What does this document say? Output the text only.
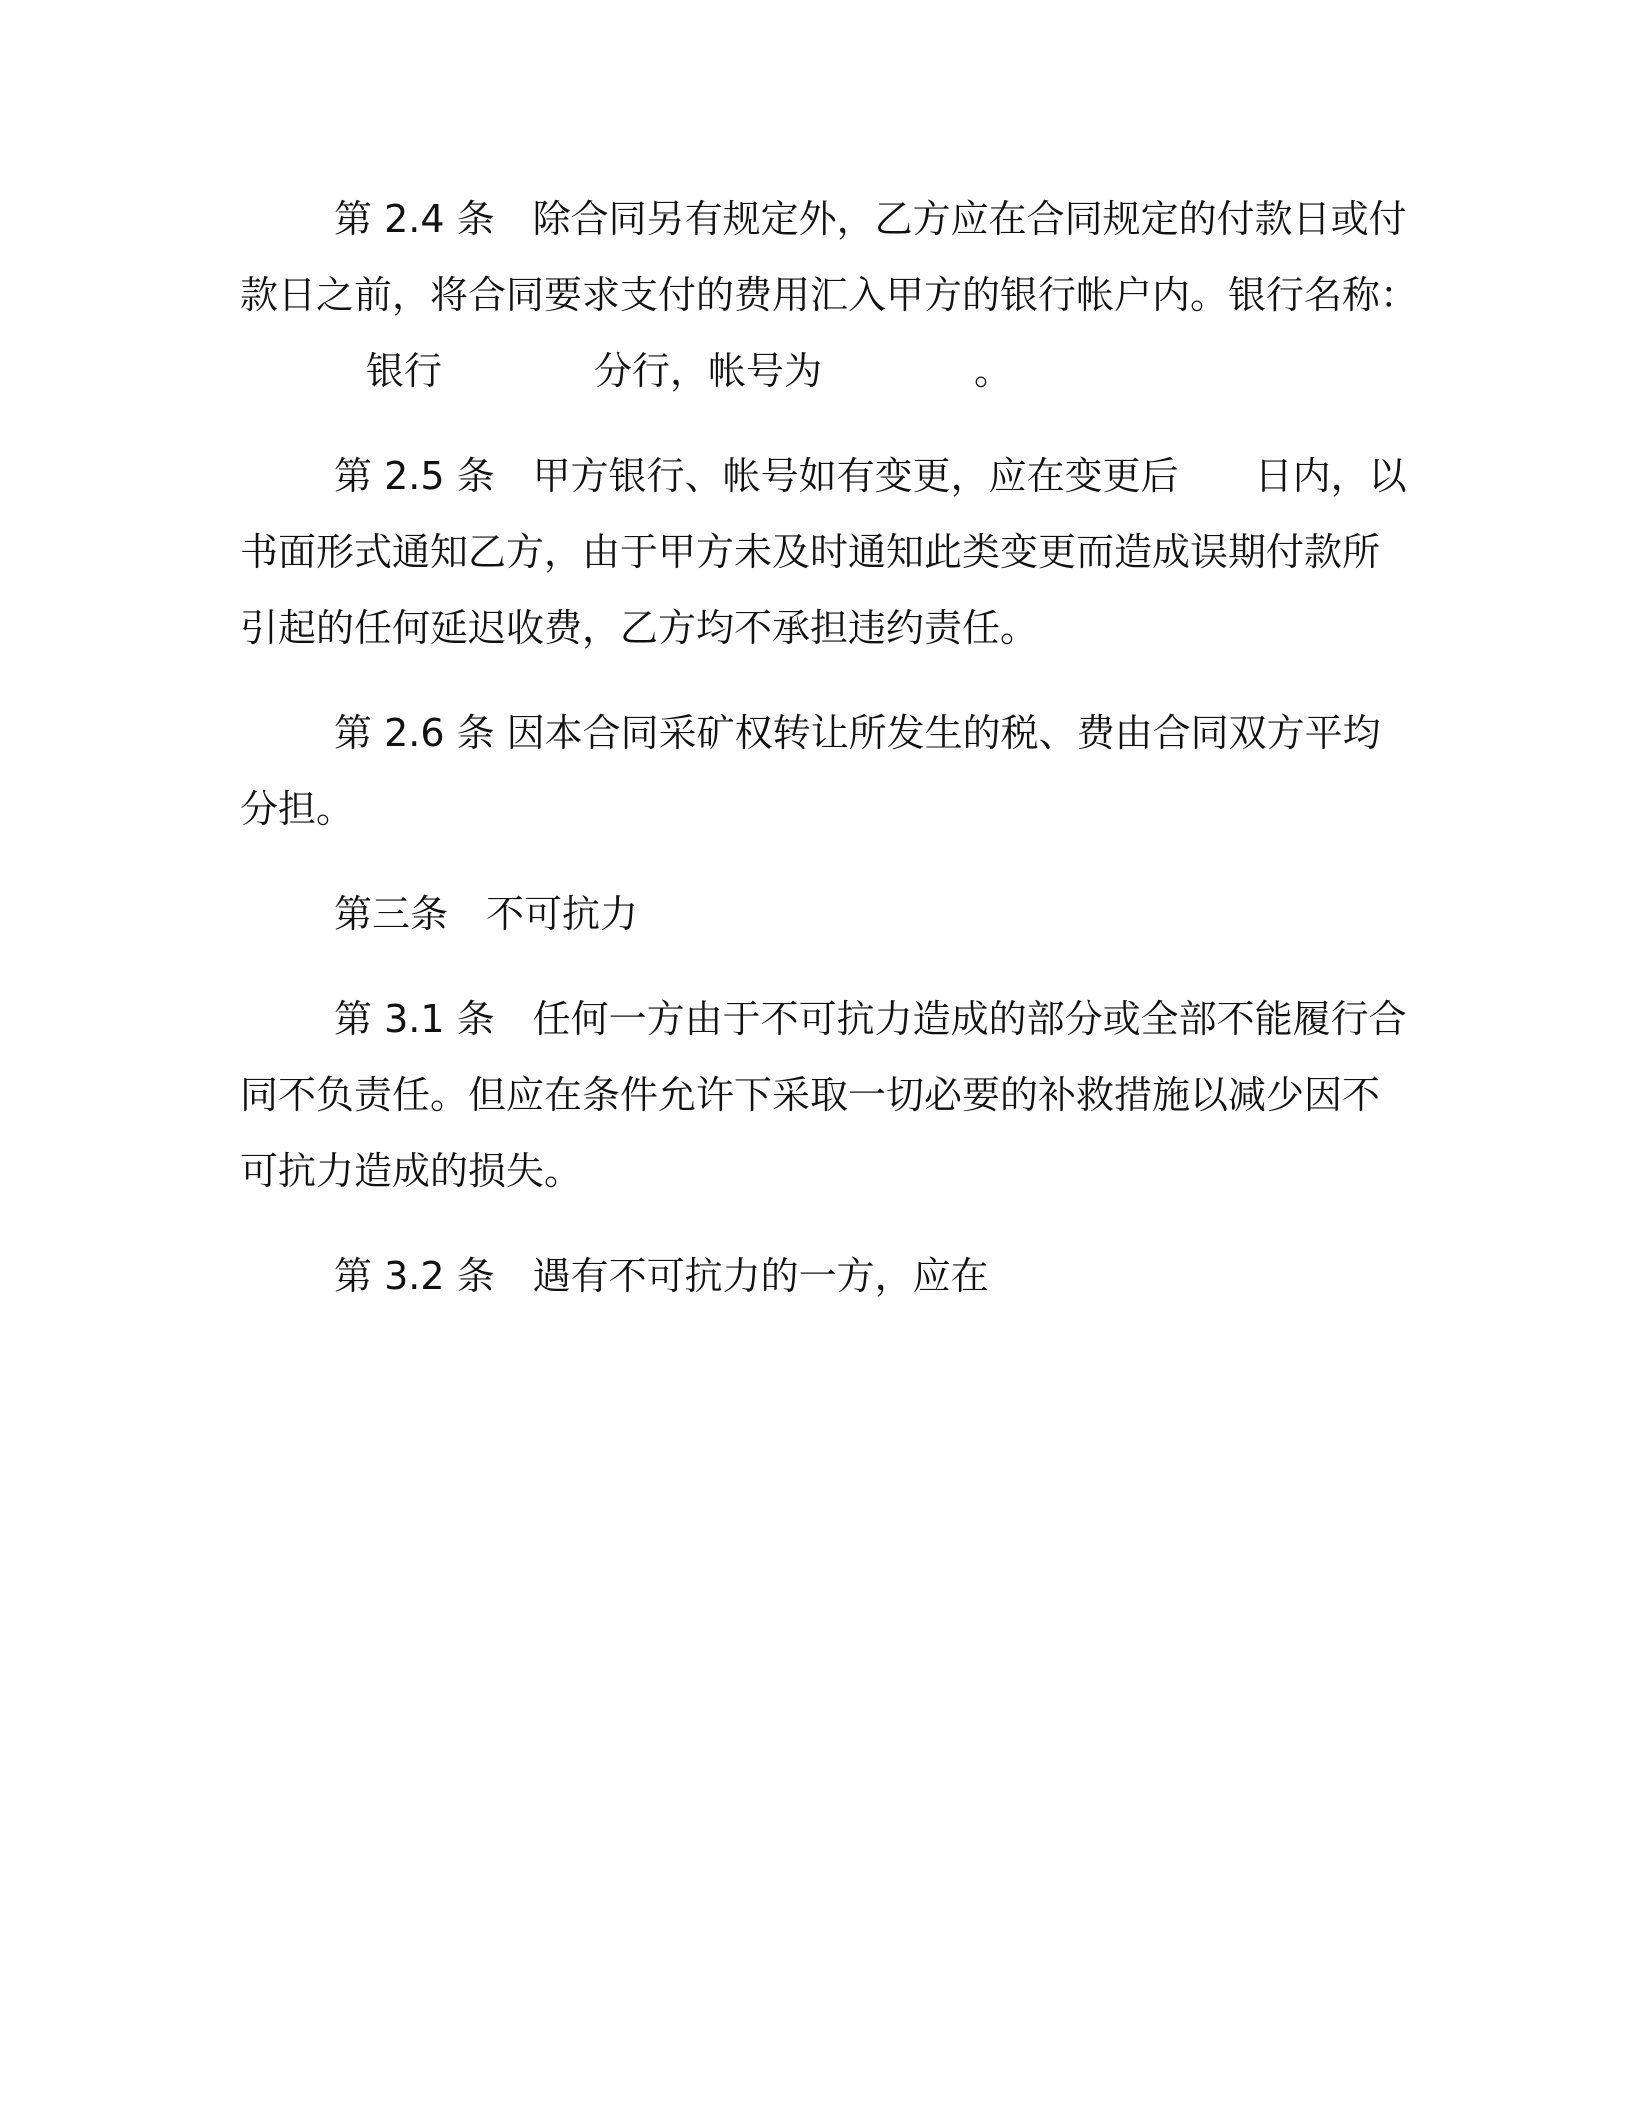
第 2.4 条　除合同另有规定外，乙方应在合同规定的付款日或付
款日之前，将合同要求支付的费用汇入甲方的银行帐户内。银行名称：
银行　　　　分行，帐号为　　　　。
第 2.5 条　甲方银行、帐号如有变更，应在变更后　　日内，以
书面形式通知乙方，由于甲方未及时通知此类变更而造成误期付款所
引起的任何延迟收费，乙方均不承担违约责任。
第 2.6 条 因本合同采矿权转让所发生的税、费由合同双方平均
分担。
第三条　不可抗力
第 3.1 条　任何一方由于不可抗力造成的部分或全部不能履行合
同不负责任。但应在条件允许下采取一切必要的补救措施以减少因不
可抗力造成的损失。
第 3.2 条　遇有不可抗力的一方，应在
